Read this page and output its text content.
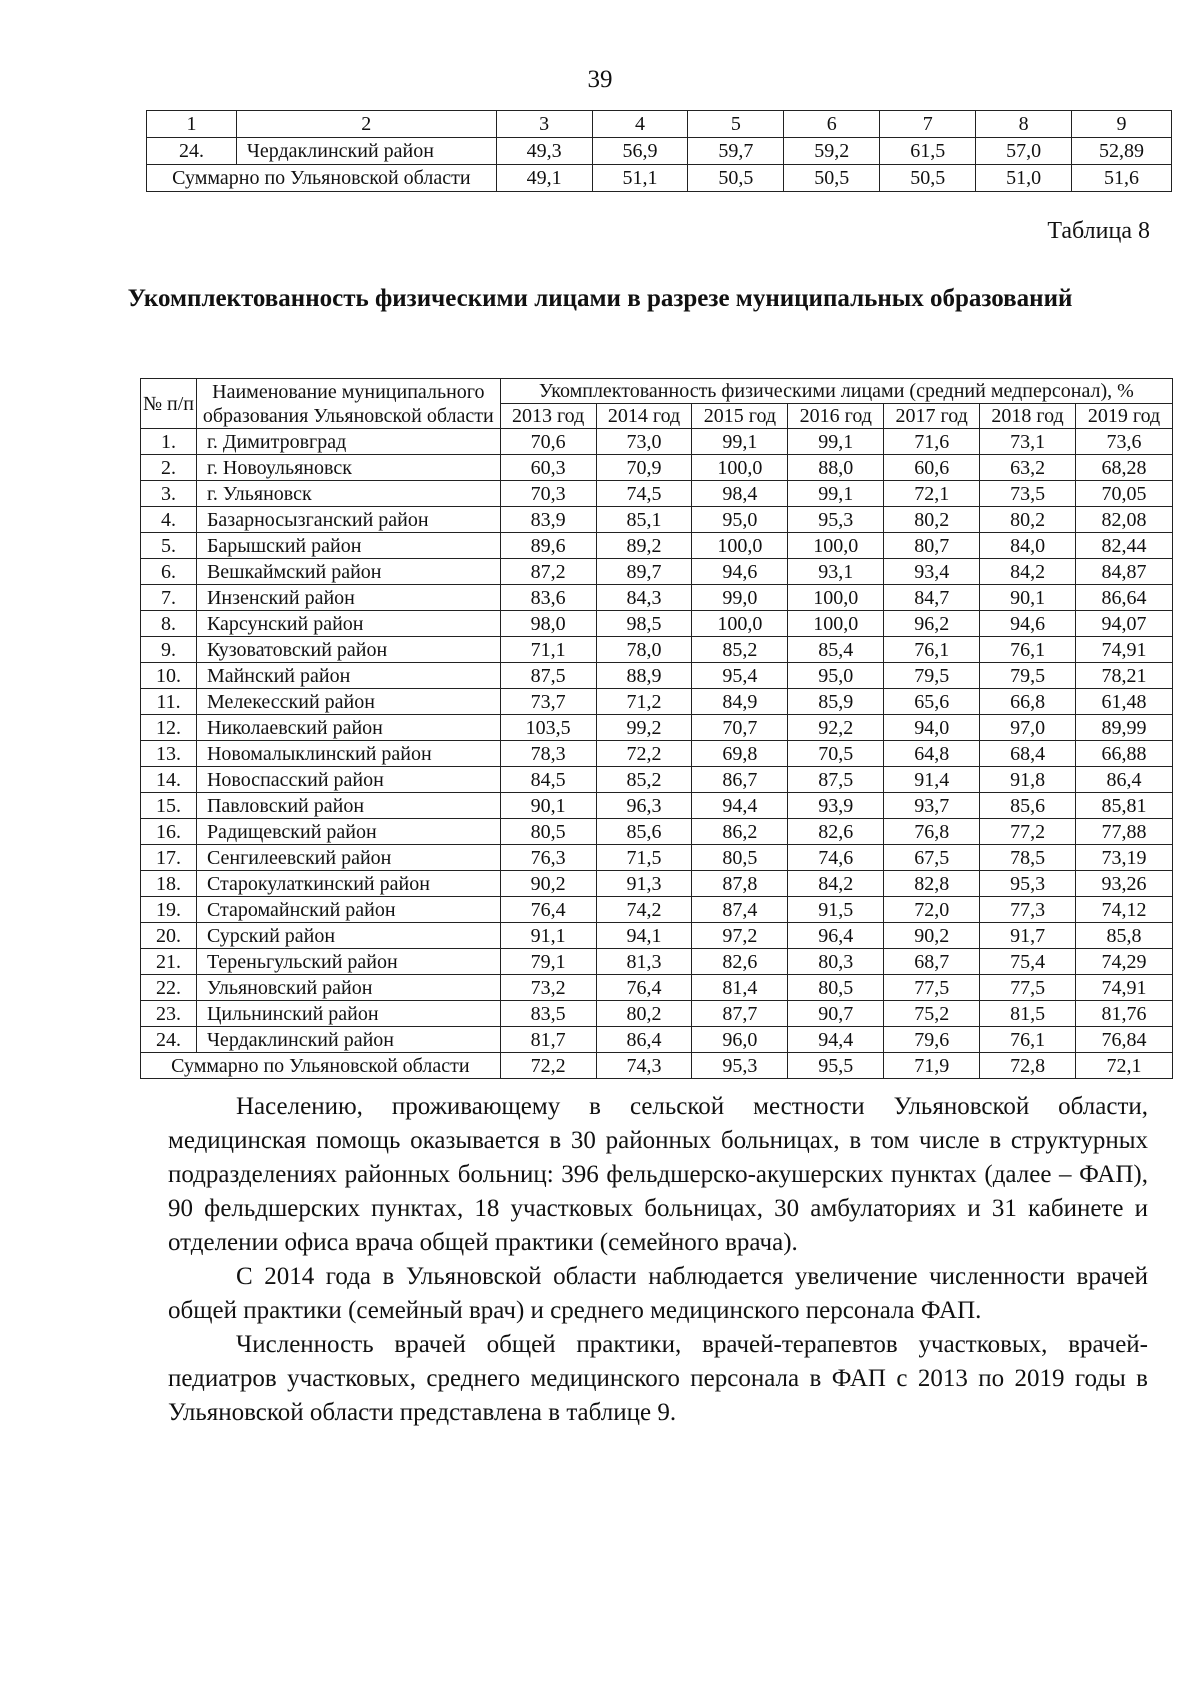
39
1	2	3	4	5	6	7	8	9
24.	Чердаклинский район	49,3	56,9	59,7	59,2	61,5	57,0	52,89
Суммарно по Ульяновской области		49,1	51,1	50,5	50,5	50,5	51,0	51,6
Таблица 8
Укомплектованность физическими лицами в разрезе муниципальных образований
№ п/п	Наименование муниципального образования Ульяновской области	Укомплектованность физическими лицами (средний медперсонал), %						
		2013 год	2014 год	2015 год	2016 год	2017 год	2018 год	2019 год
1.	г. Димитровград	70,6	73,0	99,1	99,1	71,6	73,1	73,6
2.	г. Новоульяновск	60,3	70,9	100,0	88,0	60,6	63,2	68,28
3.	г. Ульяновск	70,3	74,5	98,4	99,1	72,1	73,5	70,05
4.	Базарносызганский район	83,9	85,1	95,0	95,3	80,2	80,2	82,08
5.	Барышский район	89,6	89,2	100,0	100,0	80,7	84,0	82,44
6.	Вешкаймский район	87,2	89,7	94,6	93,1	93,4	84,2	84,87
7.	Инзенский район	83,6	84,3	99,0	100,0	84,7	90,1	86,64
8.	Карсунский район	98,0	98,5	100,0	100,0	96,2	94,6	94,07
9.	Кузоватовский район	71,1	78,0	85,2	85,4	76,1	76,1	74,91
10.	Майнский район	87,5	88,9	95,4	95,0	79,5	79,5	78,21
11.	Мелекесский район	73,7	71,2	84,9	85,9	65,6	66,8	61,48
12.	Николаевский район	103,5	99,2	70,7	92,2	94,0	97,0	89,99
13.	Новомалыклинский район	78,3	72,2	69,8	70,5	64,8	68,4	66,88
14.	Новоспасский район	84,5	85,2	86,7	87,5	91,4	91,8	86,4
15.	Павловский район	90,1	96,3	94,4	93,9	93,7	85,6	85,81
16.	Радищевский район	80,5	85,6	86,2	82,6	76,8	77,2	77,88
17.	Сенгилеевский район	76,3	71,5	80,5	74,6	67,5	78,5	73,19
18.	Старокулаткинский район	90,2	91,3	87,8	84,2	82,8	95,3	93,26
19.	Старомайнский район	76,4	74,2	87,4	91,5	72,0	77,3	74,12
20.	Сурский район	91,1	94,1	97,2	96,4	90,2	91,7	85,8
21.	Тереньгульский район	79,1	81,3	82,6	80,3	68,7	75,4	74,29
22.	Ульяновский район	73,2	76,4	81,4	80,5	77,5	77,5	74,91
23.	Цильнинский район	83,5	80,2	87,7	90,7	75,2	81,5	81,76
24.	Чердаклинский район	81,7	86,4	96,0	94,4	79,6	76,1	76,84
Суммарно по Ульяновской области		72,2	74,3	95,3	95,5	71,9	72,8	72,1

Населению, проживающему в сельской местности Ульяновской области, медицинская помощь оказывается в 30 районных больницах, в том числе в структурных подразделениях районных больниц: 396 фельдшерско-акушерских пунктах (далее – ФАП), 90 фельдшерских пунктах, 18 участковых больницах, 30 амбулаториях и 31 кабинете и отделении офиса врача общей практики (семейного врача).

С 2014 года в Ульяновской области наблюдается увеличение численности врачей общей практики (семейный врач) и среднего медицинского персонала ФАП.

Численность врачей общей практики, врачей-терапевтов участковых, врачей-педиатров участковых, среднего медицинского персонала в ФАП с 2013 по 2019 годы в Ульяновской области представлена в таблице 9.
